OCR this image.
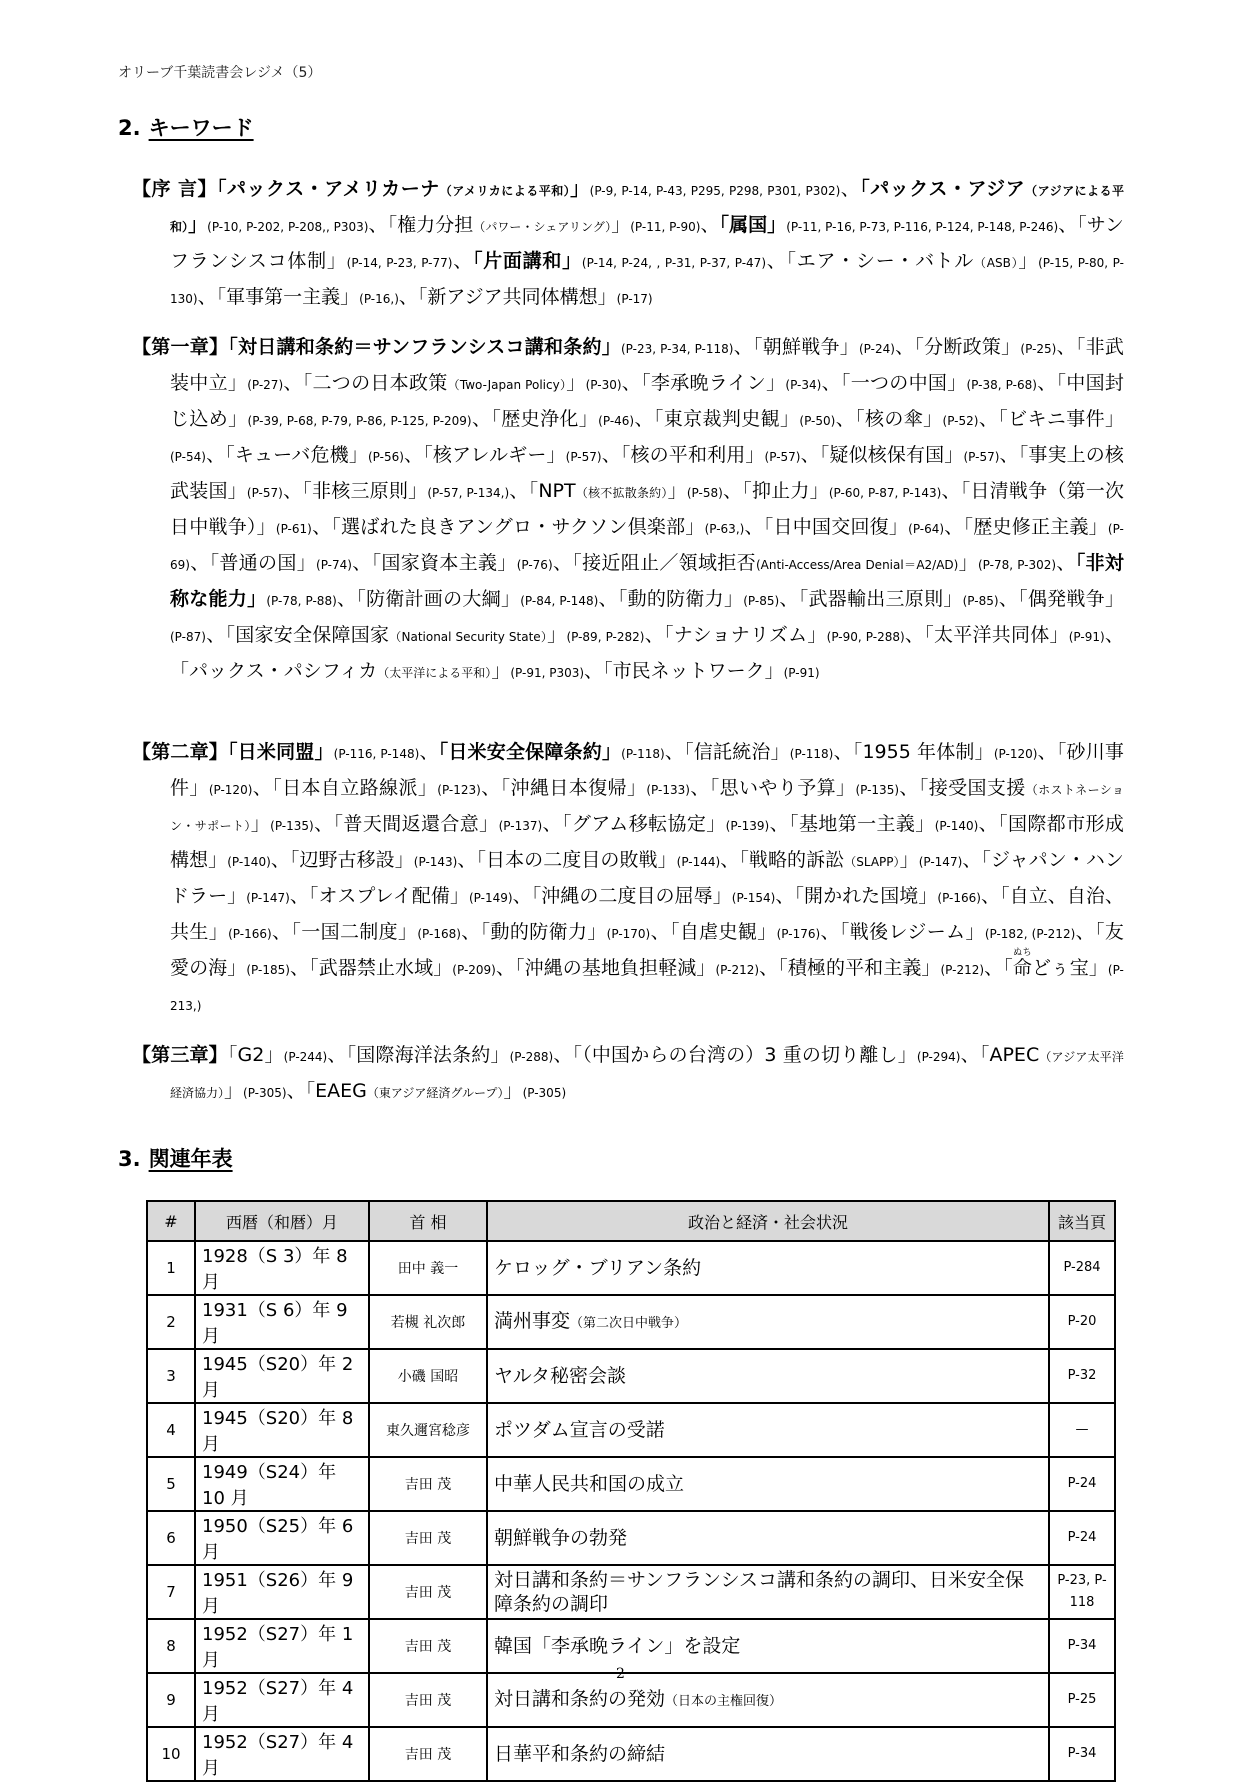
オリーブ千葉読書会レジメ（5）
2. キーワード

【序 言】「パックス・アメリカーナ（アメリカによる平和）」(P-9, P-14, P-43, P295, P298, P301, P302)、「パックス・アジア（アジアによる平和）」(P-10, P-202, P-208,, P303)、「権力分担（パワー・シェアリング）」(P-11, P-90)、「属国」(P-11, P-16, P-73, P-116, P-124, P-148, P-246)、「サンフランシスコ体制」(P-14, P-23, P-77)、「片面講和」(P-14, P-24, , P-31, P-37, P-47)、「エア・シー・バトル（ASB）」(P-15, P-80, P-130)、「軍事第一主義」(P-16,)、「新アジア共同体構想」(P-17)

【第一章】「対日講和条約＝サンフランシスコ講和条約」(P-23, P-34, P-118)、「朝鮮戦争」(P-24)、「分断政策」(P-25)、「非武装中立」(P-27)、「二つの日本政策（Two-Japan Policy）」(P-30)、「李承晩ライン」(P-34)、「一つの中国」(P-38, P-68)、「中国封じ込め」(P-39, P-68, P-79, P-86, P-125, P-209)、「歴史浄化」(P-46)、「東京裁判史観」(P-50)、「核の傘」(P-52)、「ビキニ事件」(P-54)、「キューバ危機」(P-56)、「核アレルギー」(P-57)、「核の平和利用」(P-57)、「疑似核保有国」(P-57)、「事実上の核武装国」(P-57)、「非核三原則」(P-57, P-134,)、「NPT（核不拡散条約）」(P-58)、「抑止力」(P-60, P-87, P-143)、「日清戦争（第一次日中戦争）」(P-61)、「選ばれた良きアングロ・サクソン倶楽部」(P-63,)、「日中国交回復」(P-64)、「歴史修正主義」(P-69)、「普通の国」(P-74)、「国家資本主義」(P-76)、「接近阻止／領域拒否(Anti-Access/Area Denial＝A2/AD)」(P-78, P-302)、「非対称な能力」(P-78, P-88)、「防衛計画の大綱」(P-84, P-148)、「動的防衛力」(P-85)、「武器輸出三原則」(P-85)、「偶発戦争」(P-87)、「国家安全保障国家（National Security State）」(P-89, P-282)、「ナショナリズム」(P-90, P-288)、「太平洋共同体」(P-91)、「パックス・パシフィカ（太平洋による平和）」(P-91, P303)、「市民ネットワーク」(P-91)

【第二章】「日米同盟」(P-116, P-148)、「日米安全保障条約」(P-118)、「信託統治」(P-118)、「1955 年体制」(P-120)、「砂川事件」(P-120)、「日本自立路線派」(P-123)、「沖縄日本復帰」(P-133)、「思いやり予算」(P-135)、「接受国支援（ホストネーション・サポート）」(P-135)、「普天間返還合意」(P-137)、「グアム移転協定」(P-139)、「基地第一主義」(P-140)、「国際都市形成構想」(P-140)、「辺野古移設」(P-143)、「日本の二度目の敗戦」(P-144)、「戦略的訴訟（SLAPP）」(P-147)、「ジャパン・ハンドラー」(P-147)、「オスプレイ配備」(P-149)、「沖縄の二度目の屈辱」(P-154)、「開かれた国境」(P-166)、「自立、自治、共生」(P-166)、「一国二制度」(P-168)、「動的防衛力」(P-170)、「自虐史観」(P-176)、「戦後レジーム」(P-182, (P-212)、「友愛の海」(P-185)、「武器禁止水域」(P-209)、「沖縄の基地負担軽減」(P-212)、「積極的平和主義」(P-212)、「命ぬちどぅ宝」(P-213,)

【第三章】「G2」(P-244)、「国際海洋法条約」(P-288)、「（中国からの台湾の）3 重の切り離し」(P-294)、「APEC（アジア太平洋経済協力）」(P-305)、「EAEG（東アジア経済グループ）」(P-305)

3. 関連年表
#	西暦（和暦）月	首 相	政治と経済・社会状況	該当頁
1	1928（S 3）年 8 月	田中 義一	ケロッグ・ブリアン条約	P-284
2	1931（S 6）年 9 月	若槻 礼次郎	満州事変（第二次日中戦争）	P-20
3	1945（S20）年 2 月	小磯 国昭	ヤルタ秘密会談	P-32
4	1945（S20）年 8 月	東久邇宮稔彦	ポツダム宣言の受諾	—
5	1949（S24）年 10 月	吉田 茂	中華人民共和国の成立	P-24
6	1950（S25）年 6 月	吉田 茂	朝鮮戦争の勃発	P-24
7	1951（S26）年 9 月	吉田 茂	対日講和条約＝サンフランシスコ講和条約の調印、日米安全保障条約の調印	P-23, P-118
8	1952（S27）年 1 月	吉田 茂	韓国「李承晩ライン」を設定	P-34
9	1952（S27）年 4 月	吉田 茂	対日講和条約の発効（日本の主権回復）	P-25
10	1952（S27）年 4 月	吉田 茂	日華平和条約の締結	P-34
2
